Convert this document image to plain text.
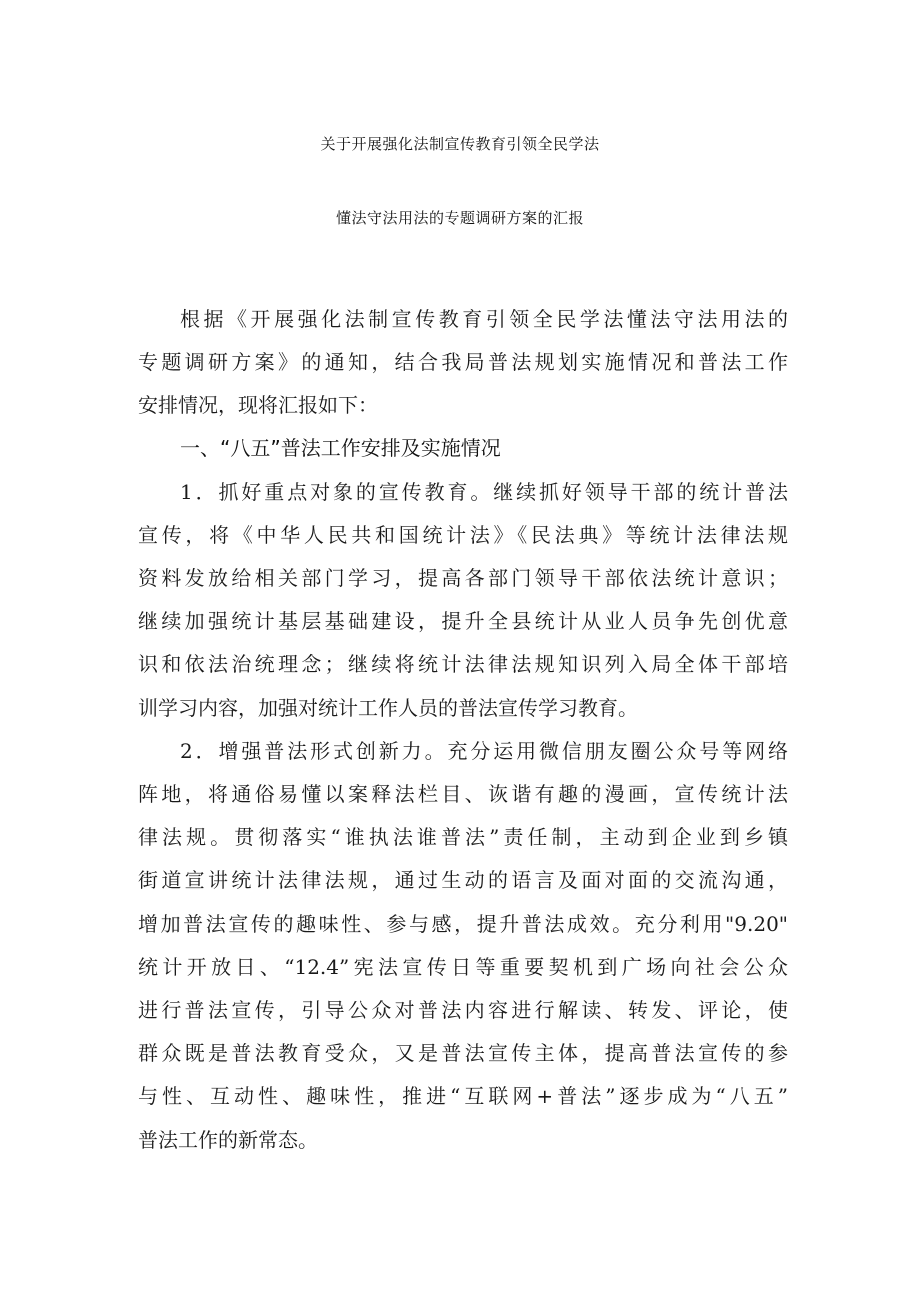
关于开展强化法制宣传教育引领全民学法
懂法守法用法的专题调研方案的汇报
根据《开展强化法制宣传教育引领全民学法懂法守法用法的
专题调研方案》的通知，结合我局普法规划实施情况和普法工作
安排情况，现将汇报如下：
一、“八五”普法工作安排及实施情况
1．抓好重点对象的宣传教育。继续抓好领导干部的统计普法
宣传，将《中华人民共和国统计法》《民法典》等统计法律法规
资料发放给相关部门学习，提高各部门领导干部依法统计意识；
继续加强统计基层基础建设，提升全县统计从业人员争先创优意
识和依法治统理念；继续将统计法律法规知识列入局全体干部培
训学习内容，加强对统计工作人员的普法宣传学习教育。
2．增强普法形式创新力。充分运用微信朋友圈公众号等网络
阵地，将通俗易懂以案释法栏目、诙谐有趣的漫画，宣传统计法
律法规。贯彻落实“谁执法谁普法”责任制，主动到企业到乡镇
街道宣讲统计法律法规，通过生动的语言及面对面的交流沟通，
增加普法宣传的趣味性、参与感，提升普法成效。充分利用"9.20"
统计开放日、“12.4”宪法宣传日等重要契机到广场向社会公众
进行普法宣传，引导公众对普法内容进行解读、转发、评论，使
群众既是普法教育受众，又是普法宣传主体，提高普法宣传的参
与性、互动性、趣味性，推进“互联网+普法”逐步成为“八五”
普法工作的新常态。
